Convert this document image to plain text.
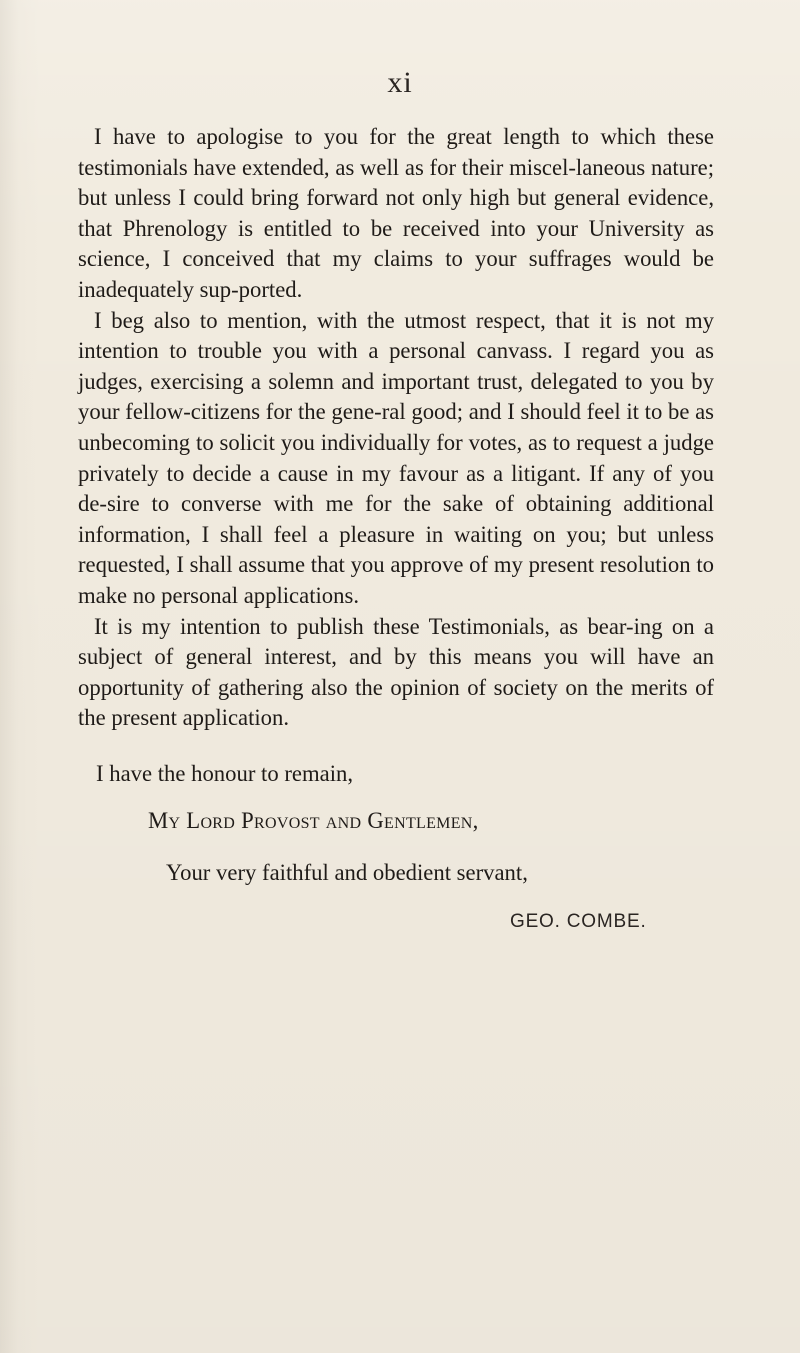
xi

I have to apologise to you for the great length to which these testimonials have extended, as well as for their miscel-laneous nature; but unless I could bring forward not only high but general evidence, that Phrenology is entitled to be received into your University as science, I conceived that my claims to your suffrages would be inadequately sup-ported.

I beg also to mention, with the utmost respect, that it is not my intention to trouble you with a personal canvass. I regard you as judges, exercising a solemn and important trust, delegated to you by your fellow-citizens for the gene-ral good; and I should feel it to be as unbecoming to solicit you individually for votes, as to request a judge privately to decide a cause in my favour as a litigant. If any of you de-sire to converse with me for the sake of obtaining additional information, I shall feel a pleasure in waiting on you; but unless requested, I shall assume that you approve of my present resolution to make no personal applications.

It is my intention to publish these Testimonials, as bear-ing on a subject of general interest, and by this means you will have an opportunity of gathering also the opinion of society on the merits of the present application.

I have the honour to remain,
My Lord Provost and Gentlemen,
Your very faithful and obedient servant,
GEO. COMBE.
